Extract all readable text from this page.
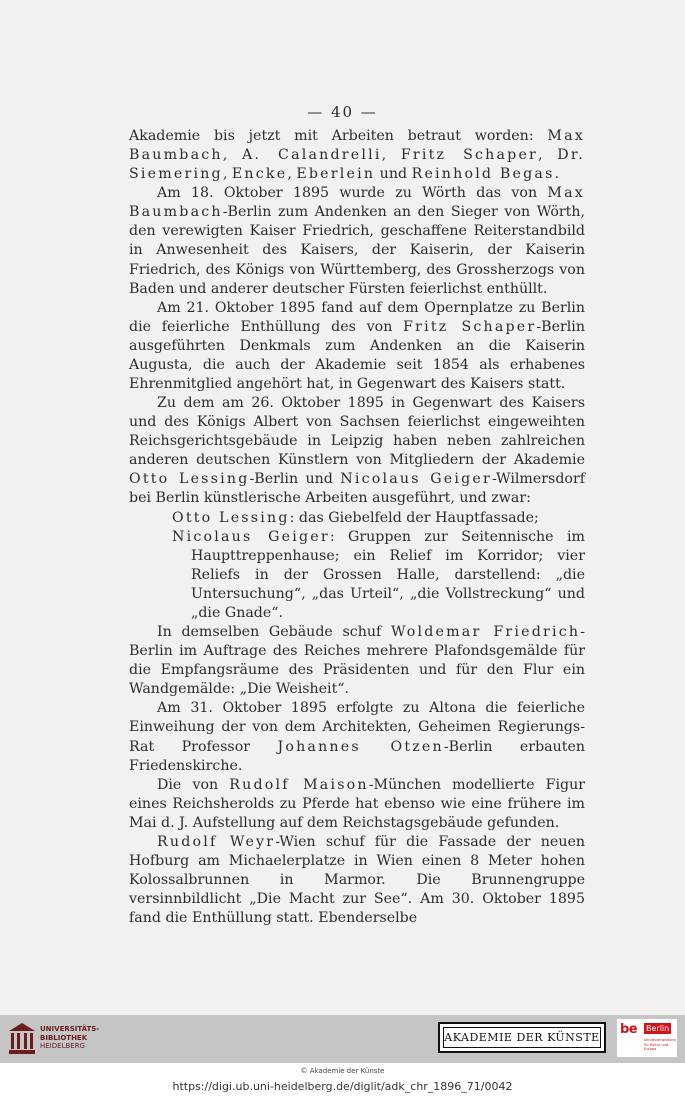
— 40 —

Akademie bis jetzt mit Arbeiten betraut worden: Max Baumbach, A. Calandrelli, Fritz Schaper, Dr. Siemering, Encke, Eberlein und Reinhold Begas.

Am 18. Oktober 1895 wurde zu Wörth das von Max Baumbach-Berlin zum Andenken an den Sieger von Wörth, den verewigten Kaiser Friedrich, geschaffene Reiterstandbild in Anwesenheit des Kaisers, der Kaiserin, der Kaiserin Friedrich, des Königs von Württemberg, des Grossherzogs von Baden und anderer deutscher Fürsten feierlichst enthüllt.

Am 21. Oktober 1895 fand auf dem Opernplatze zu Berlin die feierliche Enthüllung des von Fritz Schaper-Berlin ausgeführten Denkmals zum Andenken an die Kaiserin Augusta, die auch der Akademie seit 1854 als erhabenes Ehrenmitglied angehört hat, in Gegenwart des Kaisers statt.

Zu dem am 26. Oktober 1895 in Gegenwart des Kaisers und des Königs Albert von Sachsen feierlichst eingeweihten Reichsgerichtsgebäude in Leipzig haben neben zahlreichen anderen deutschen Künstlern von Mitgliedern der Akademie Otto Lessing-Berlin und Nicolaus Geiger-Wilmersdorf bei Berlin künstlerische Arbeiten ausgeführt, und zwar:

Otto Lessing: das Giebelfeld der Hauptfassade;

Nicolaus Geiger: Gruppen zur Seitennische im Haupttreppenhause; ein Relief im Korridor; vier Reliefs in der Grossen Halle, darstellend: „die Untersuchung“, „das Urteil“, „die Vollstreckung“ und „die Gnade“.

In demselben Gebäude schuf Woldemar Friedrich-Berlin im Auftrage des Reiches mehrere Plafondsgemälde für die Empfangsräume des Präsidenten und für den Flur ein Wandgemälde: „Die Weisheit“.

Am 31. Oktober 1895 erfolgte zu Altona die feierliche Einweihung der von dem Architekten, Geheimen Regierungs-Rat Professor Johannes Otzen-Berlin erbauten Friedenskirche.

Die von Rudolf Maison-München modellierte Figur eines Reichsherolds zu Pferde hat ebenso wie eine frühere im Mai d. J. Aufstellung auf dem Reichstagsgebäude gefunden.

Rudolf Weyr-Wien schuf für die Fassade der neuen Hofburg am Michaelerplatze in Wien einen 8 Meter hohen Kolossalbrunnen in Marmor. Die Brunnengruppe versinnbildlicht „Die Macht zur See“. Am 30. Oktober 1895 fand die Enthüllung statt. Ebenderselbe

UNIVERSITÄTS-
BIBLIOTHEK
HEIDELBERG
AKADEMIE DER KÜNSTE
be Berlin
Senatsverwaltung für Kultur und Europa
© Akademie der Künste
https://digi.ub.uni-heidelberg.de/diglit/adk_chr_1896_71/0042
